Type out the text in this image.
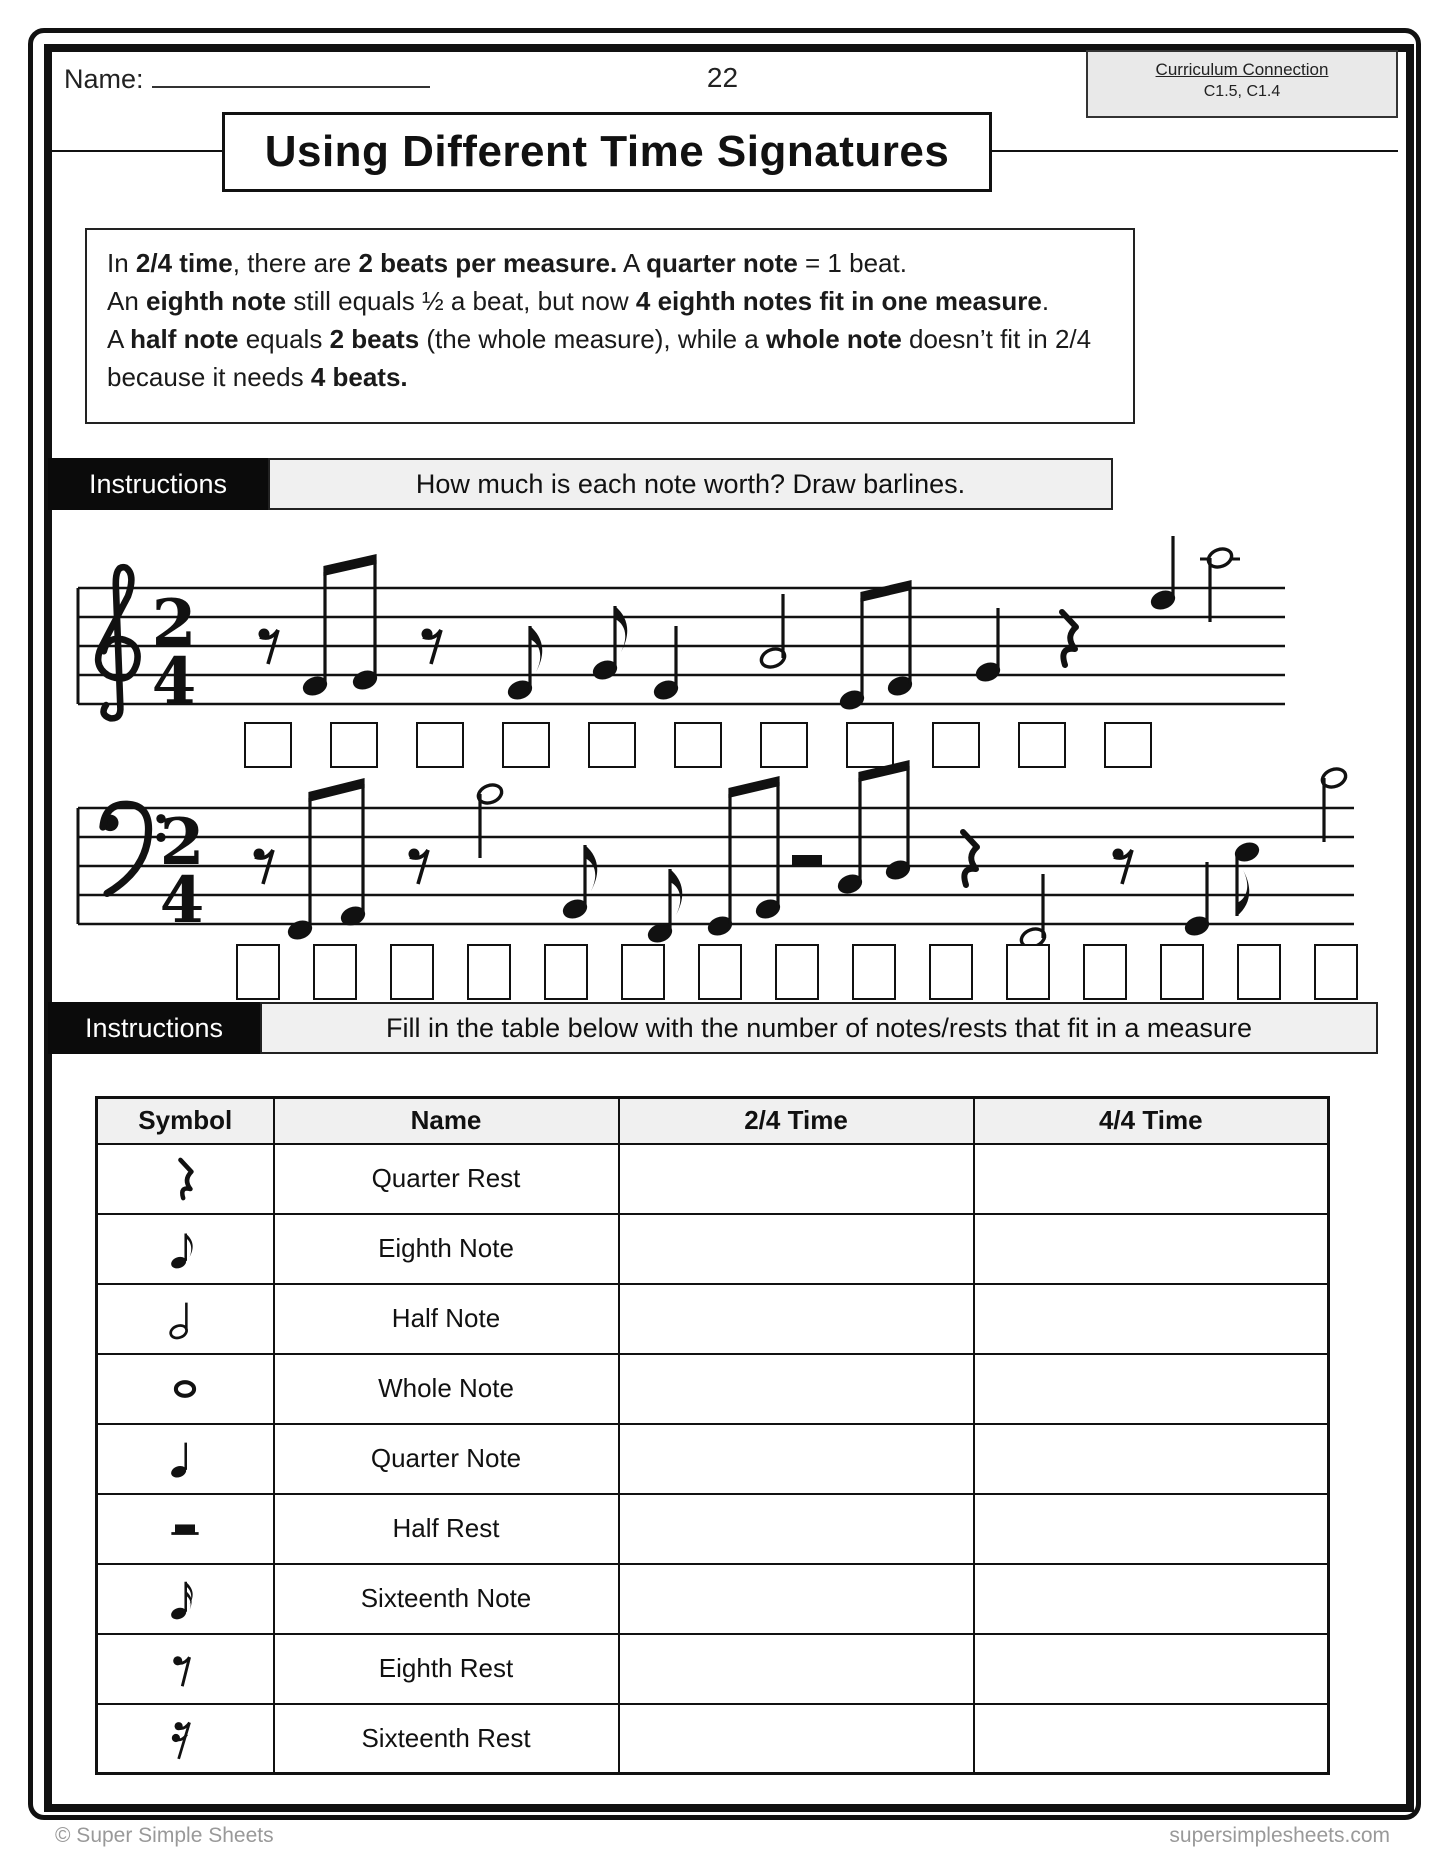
Name:	22	Curriculum Connection
C1.5, C1.4
Using Different Time Signatures

In 2/4 time, there are 2 beats per measure. A quarter note = 1 beat.

An eighth note still equals ½ a beat, but now 4 eighth notes fit in one measure.

A half note equals 2 beats (the whole measure), while a whole note doesn’t fit in 2/4

because it needs 4 beats.

Instructions	How much is each note worth? Draw barlines.
2
4
2
4
Instructions	Fill in the table below with the number of notes/rests that fit in a measure
Symbol	Name	2/4 Time	4/4 Time
	Quarter Rest		
	Eighth Note		
	Half Note		
	Whole Note		
	Quarter Note		
	Half Rest		
	Sixteenth Note		
	Eighth Rest		
	Sixteenth Rest		
© Super Simple Sheets	supersimplesheets.com
